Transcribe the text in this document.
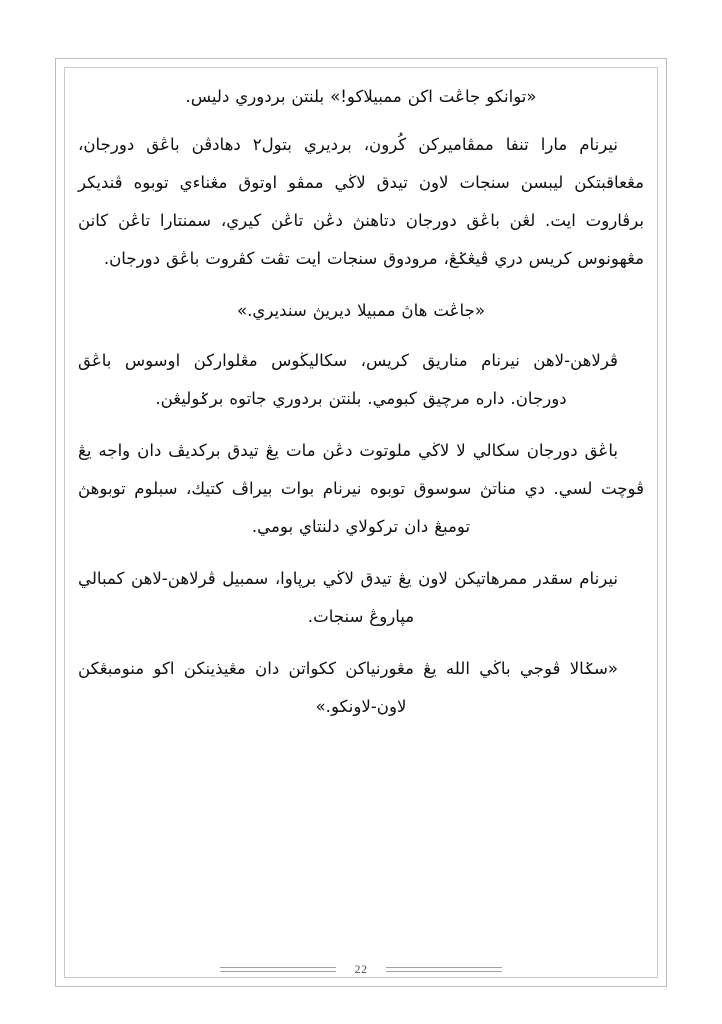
«توانكو جاڠت اكن ممبيلاكو!» بلنتن بردوري دليس.

نيرنام مارا تنفا ممڤاميركن كُرون، برديري بتول٢ دهادڤن باڠق دورجان، مڠعاقبتكن ليبسن سنجات لاون تيدق لاڬي ممڤو اوتوق مڠناءي توبوه ڤنديكر برڤاروت ايت. لڠن باڠق دورجان دتاهنڽ دڠن تاڠن كيري، سمنتارا تاڠن كانن مڠهونوس كريس دري ڤيڠݢڠ، مرودوق سنجات ايت تڤت كڤروت باڠق دورجان.

«جاڠت هاڽ ممبيلا ديريڽ سنديري.»

ڤرلاهن-لاهن نيرنام مناريق كريس، سكاليڬوس مڠلواركن اوسوس باڠق دورجان. داره مرچيق كبومي. بلنتن بردوري جاتوه برݢوليڠن.

باڠق دورجان سكالي لا لاڬي ملوتوت دڠن مات يڠ تيدق بركديڤ دان واجه يڠ ڤوچت لسي. دي مناتڽ سوسوق توبوه نيرنام بوات بيراڤ كتيك، سبلوم توبوهڽ تومبڠ دان تركولاي دلنتاي بومي.

نيرنام سقدر ممرهاتيكن لاون يڠ تيدق لاڬي برڽاوا، سمبيل ڤرلاهن-لاهن كمبالي مڽاروڠ سنجات.

«سݢالا ڤوجي باڬي الله يڠ مڠورنياكن ككواتن دان مڠيذينكن اكو منومبڠكن لاون-لاونكو.»

22
